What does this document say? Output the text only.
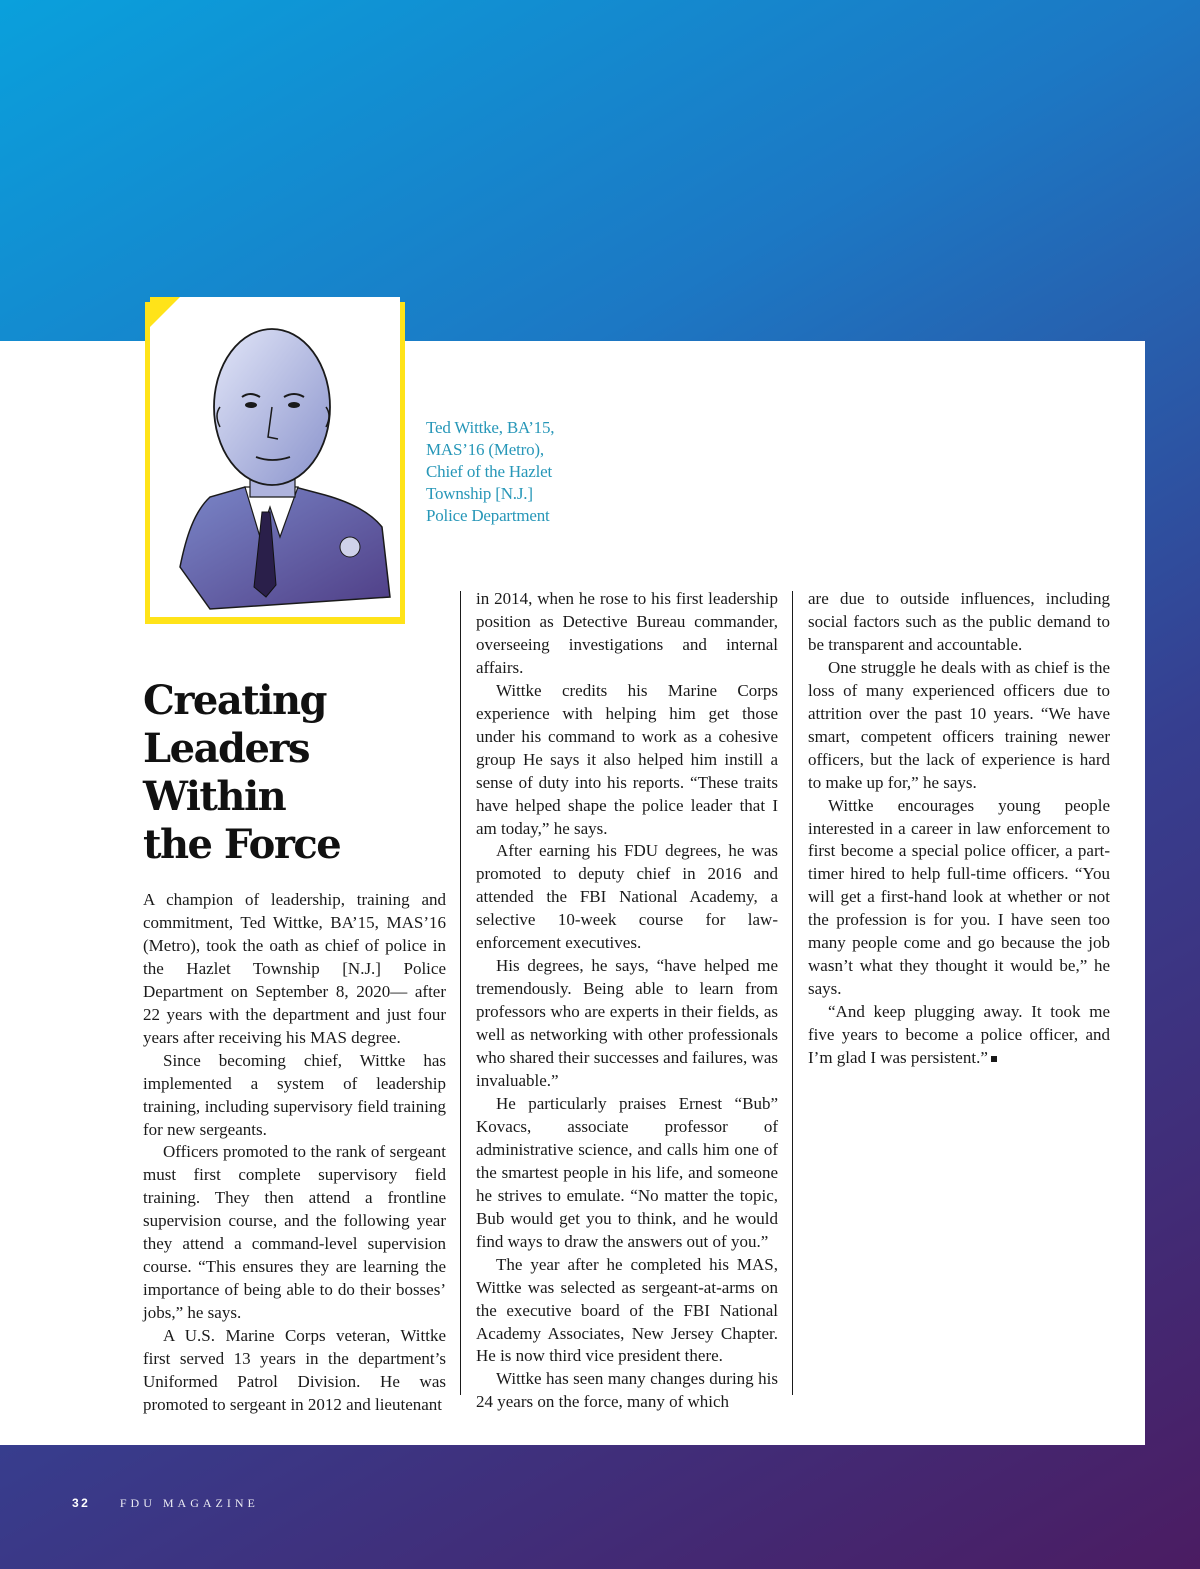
Ted Wittke, BA’15,
MAS’16 (Metro),
Chief of the Hazlet
Township [N.J.]
Police Department
Creating
Leaders
Within
the Force

A champion of leadership, training and commitment, Ted Wittke, BA’15, MAS’16 (Metro), took the oath as chief of police in the Hazlet Township [N.J.] Police Department on September 8, 2020— after 22 years with the department and just four years after receiving his MAS degree.

Since becoming chief, Wittke has implemented a system of leadership training, including supervisory field training for new sergeants.

Officers promoted to the rank of sergeant must first complete supervisory field training. They then attend a frontline supervision course, and the following year they attend a command-level supervision course. “This ensures they are learning the importance of being able to do their bosses’ jobs,” he says.

A U.S. Marine Corps veteran, Wittke first served 13 years in the department’s Uniformed Patrol Division. He was promoted to sergeant in 2012 and lieutenant

in 2014, when he rose to his first leadership position as Detective Bureau commander, overseeing investigations and internal affairs.

Wittke credits his Marine Corps experience with helping him get those under his command to work as a cohesive group He says it also helped him instill a sense of duty into his reports. “These traits have helped shape the police leader that I am today,” he says.

After earning his FDU degrees, he was promoted to deputy chief in 2016 and attended the FBI National Academy, a selective 10-week course for law-enforcement executives.

His degrees, he says, “have helped me tremendously. Being able to learn from professors who are experts in their fields, as well as networking with other professionals who shared their successes and failures, was invaluable.”

He particularly praises Ernest “Bub” Kovacs, associate professor of administrative science, and calls him one of the smartest people in his life, and someone he strives to emulate. “No matter the topic, Bub would get you to think, and he would find ways to draw the answers out of you.”

The year after he completed his MAS, Wittke was selected as sergeant-at-arms on the executive board of the FBI National Academy Associates, New Jersey Chapter. He is now third vice president there.

Wittke has seen many changes during his 24 years on the force, many of which

are due to outside influences, including social factors such as the public demand to be transparent and accountable.

One struggle he deals with as chief is the loss of many experienced officers due to attrition over the past 10 years. “We have smart, competent officers training newer officers, but the lack of experience is hard to make up for,” he says.

Wittke encourages young people interested in a career in law enforcement to first become a special police officer, a part-timer hired to help full-time officers. “You will get a first-hand look at whether or not the profession is for you. I have seen too many people come and go because the job wasn’t what they thought it would be,” he says.

“And keep plugging away. It took me five years to become a police officer, and I’m glad I was persistent.”

32 FDU MAGAZINE
